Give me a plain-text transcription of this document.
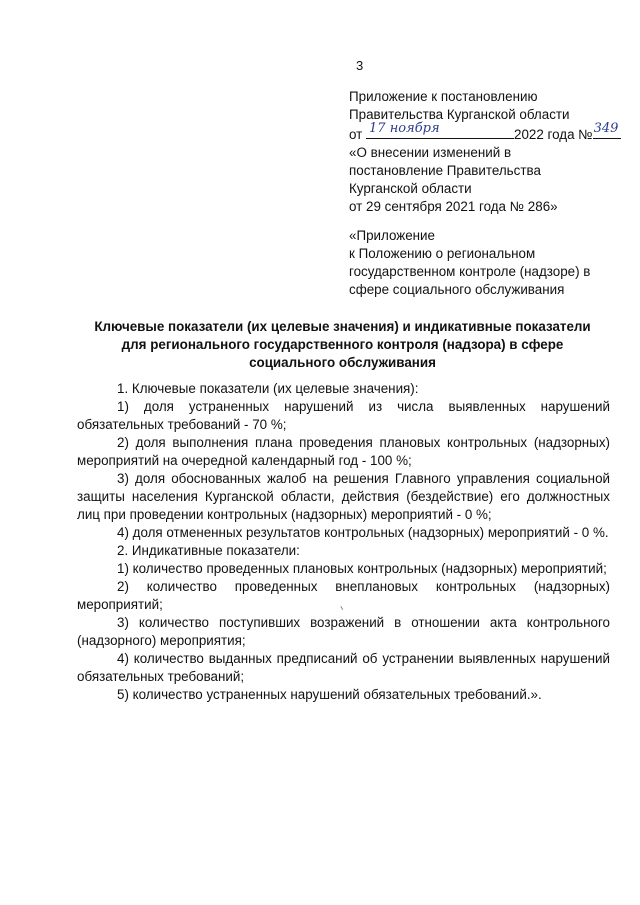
3
Приложение к постановлению
Правительства Курганской области
от 17 ноября	2022 года № 349
«О внесении изменений в
постановление Правительства
Курганской области
от 29 сентября 2021 года № 286»
«Приложение
к Положению о региональном
государственном контроле (надзоре) в
сфере социального обслуживания
Ключевые показатели (их целевые значения) и индикативные показатели
для регионального государственного контроля (надзора) в сфере
социального обслуживания

1. Ключевые показатели (их целевые значения):

1) доля устраненных нарушений из числа выявленных нарушений обязательных требований - 70 %;

2) доля выполнения плана проведения плановых контрольных (надзорных) мероприятий на очередной календарный год - 100 %;

3) доля обоснованных жалоб на решения Главного управления социальной защиты населения Курганской области, действия (бездействие) его должностных лиц при проведении контрольных (надзорных) мероприятий - 0 %;

4) доля отмененных результатов контрольных (надзорных) мероприятий - 0 %.

2. Индикативные показатели:

1) количество проведенных плановых контрольных (надзорных) мероприятий;

2) количество проведенных внеплановых контрольных (надзорных) мероприятий;

3) количество поступивших возражений в отношении акта контрольного (надзорного) мероприятия;

4) количество выданных предписаний об устранении выявленных нарушений обязательных требований;

5) количество устраненных нарушений обязательных требований.».
